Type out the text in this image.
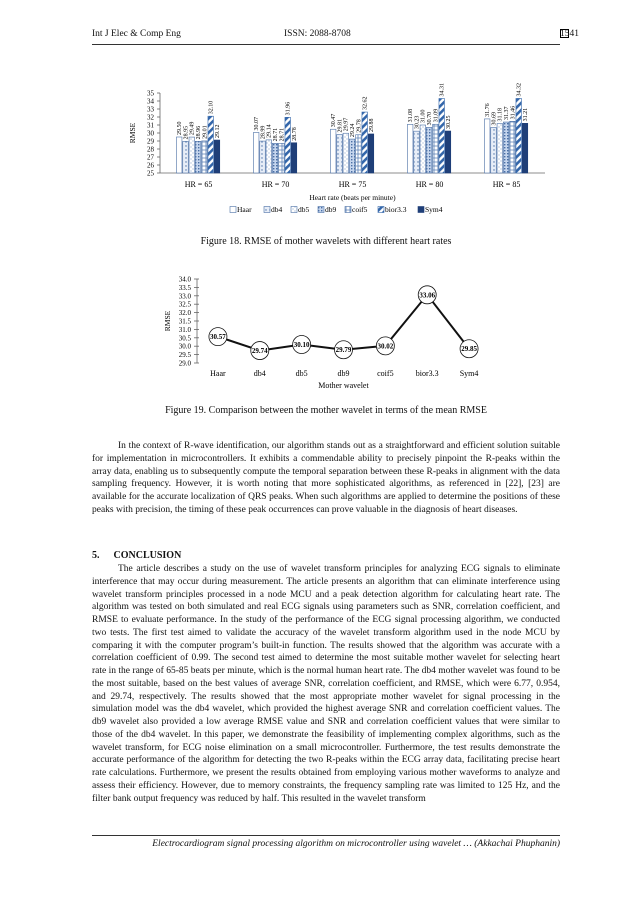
Int J Elec & Comp Eng	ISSN: 2088-8708	1541
25
26
27
28
29
30
31
32
33
34
35
RMSE	29.50 28.95 29.49 28.96 29.01
32.10
29.12
HR = 65
30.07
28.99 29.14 28.71 28.71
31.96
28.78
HR = 70
30.47 29.81 29.97 29.24 29.78
32.62
29.88
HR = 75
31.08
30.23 31.00 30.70 31.09
34.31
30.25
HR = 80
31.76
30.69 31.18 31.37 31.46
34.32
31.21
HR = 85
Heart rate (beats per minute)
Haar	db4 db5 db9 coif5 bior3.3 Sym4
Figure 18. RMSE of mother wavelets with different heart rates
29.0
29.5
30.0
30.5
31.0
31.5
32.0
32.5
33.0
33.5
34.0
RMSE
30.57
Haar
29.74
db4
30.10
db5
29.79
db9
30.02
coif5
33.06
bior3.3
29.85
Sym4
Mother wavelet
Figure 19. Comparison between the mother wavelet in terms of the mean RMSE

In the context of R-wave identification, our algorithm stands out as a straightforward and efficient solution suitable for implementation in microcontrollers. It exhibits a commendable ability to precisely pinpoint the R-peaks within the array data, enabling us to subsequently compute the temporal separation between these R-peaks in alignment with the data sampling frequency. However, it is worth noting that more sophisticated algorithms, as referenced in [22], [23] are available for the accurate localization of QRS peaks. When such algorithms are applied to determine the positions of these peaks with precision, the timing of these peak occurrences can prove valuable in the diagnosis of heart diseases.

5. CONCLUSION

The article describes a study on the use of wavelet transform principles for analyzing ECG signals to eliminate interference that may occur during measurement. The article presents an algorithm that can eliminate interference using wavelet transform principles processed in a node MCU and a peak detection algorithm for calculating heart rate. The algorithm was tested on both simulated and real ECG signals using parameters such as SNR, correlation coefficient, and RMSE to evaluate performance. In the study of the performance of the ECG signal processing algorithm, we conducted two tests. The first test aimed to validate the accuracy of the wavelet transform algorithm used in the node MCU by comparing it with the computer program’s built-in function. The results showed that the algorithm was accurate with a correlation coefficient of 0.99. The second test aimed to determine the most suitable mother wavelet for selecting heart rate in the range of 65-85 beats per minute, which is the normal human heart rate. The db4 mother wavelet was found to be the most suitable, based on the best values of average SNR, correlation coefficient, and RMSE, which were 6.77, 0.954, and 29.74, respectively. The results showed that the most appropriate mother wavelet for signal processing in the simulation model was the db4 wavelet, which provided the highest average SNR and correlation coefficient values. The db9 wavelet also provided a low average RMSE value and SNR and correlation coefficient values that were similar to those of the db4 wavelet. In this paper, we demonstrate the feasibility of implementing complex algorithms, such as the wavelet transform, for ECG noise elimination on a small microcontroller. Furthermore, the test results demonstrate the accurate performance of the algorithm for detecting the two R-peaks within the ECG array data, facilitating precise heart rate calculations. Furthermore, we present the results obtained from employing various mother waveforms to analyze and assess their efficiency. However, due to memory constraints, the frequency sampling rate was limited to 125 Hz, and the filter bank output frequency was reduced by half. This resulted in the wavelet transform

Electrocardiogram signal processing algorithm on microcontroller using wavelet … (Akkachai Phuphanin)
